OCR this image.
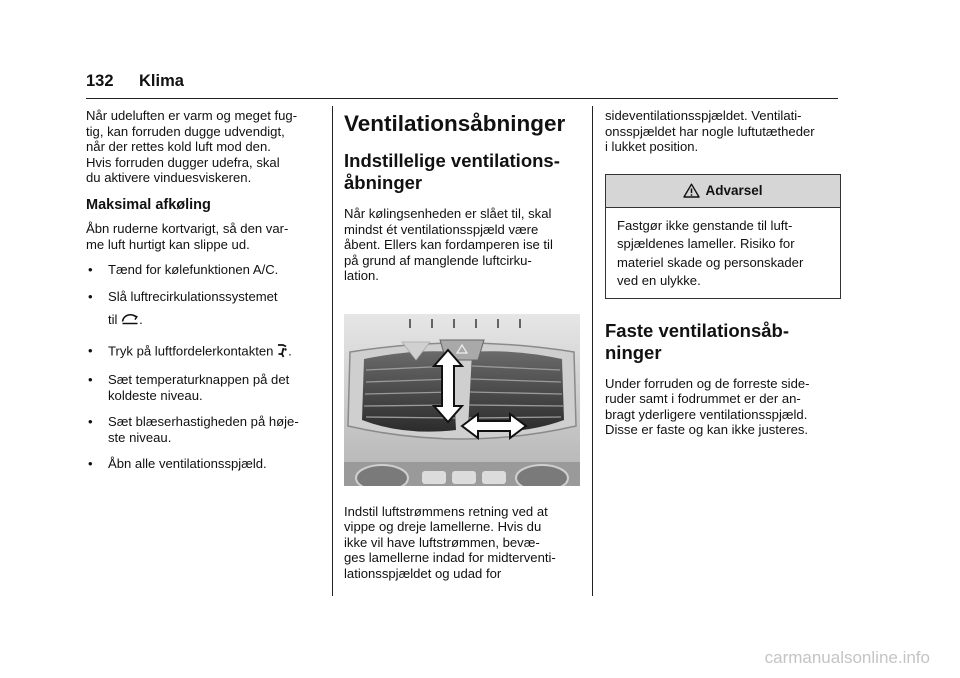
132 Klima

Når udeluften er varm og meget fug-
tig, kan forruden dugge udvendigt,
når der rettes kold luft mod den.
Hvis forruden dugger udefra, skal
du aktivere vinduesviskeren.

Maksimal afkøling

Åbn ruderne kortvarigt, så den var-
me luft hurtigt kan slippe ud.

• Tænd for kølefunktionen A/C.
• Slå luftrecirkulationssystemet
til .
• Tryk på luftfordelerkontakten .
• Sæt temperaturknappen på det
koldeste niveau.
• Sæt blæserhastigheden på høje-
ste niveau.
• Åbn alle ventilationsspjæld.
Ventilationsåbninger
Indstillelige ventilations-
åbninger

Når kølingsenheden er slået til, skal
mindst ét ventilationsspjæld være
åbent. Ellers kan fordamperen ise til
på grund af manglende luftcirku-
lation.

Indstil luftstrømmens retning ved at
vippe og dreje lamellerne. Hvis du
ikke vil have luftstrømmen, bevæ-
ges lamellerne indad for midterventi-
lationsspjældet og udad for

sideventilationsspjældet. Ventilati-
onsspjældet har nogle luftutætheder
i lukket position.

Advarsel
Fastgør ikke genstande til luft-
spjældenes lameller. Risiko for
materiel skade og personskader
ved en ulykke.
Faste ventilationsåb-
ninger

Under forruden og de forreste side-
ruder samt i fodrummet er der an-
bragt yderligere ventilationsspjæld.
Disse er faste og kan ikke justeres.

carmanualsonline.info
